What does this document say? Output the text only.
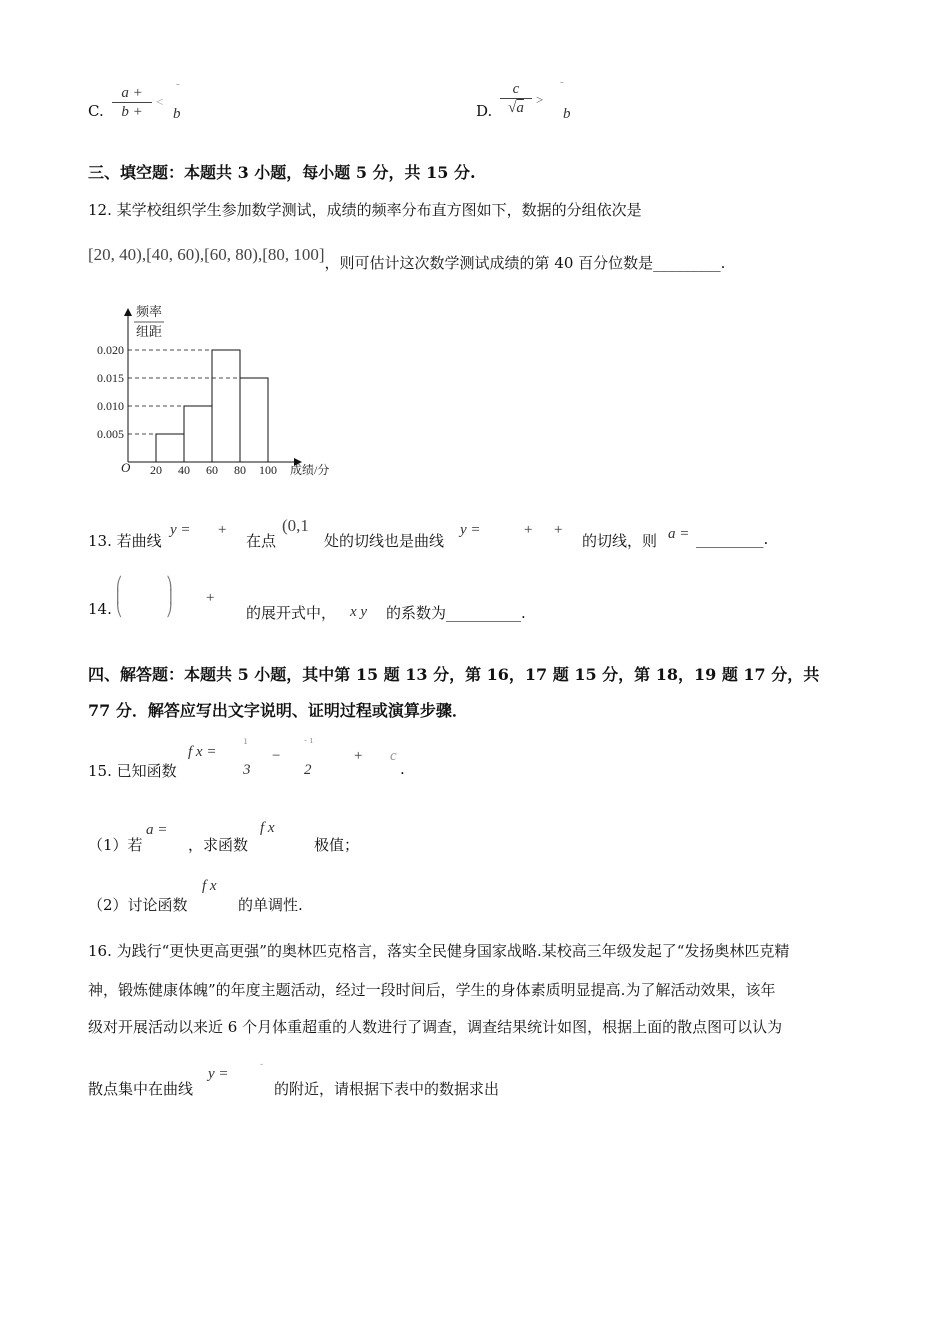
C. $\frac{a +}{b +}$ <
-
b	D. $\frac{c}{√a}$ >
-
b
三、填空题：本题共 3 小题，每小题 5 分，共 15 分.
12. 某学校组织学生参加数学测试，成绩的频率分布直方图如下，数据的分组依次是
[20, 40),[40, 60),[60, 80),[80, 100]，则可估计这次数学测试成绩的第 40 百分位数是_________.
频率
组距
O	成绩/分
0.005
0.010
0.015
0.020
20 40 60 80 100
13. 若曲线
y = +
在点
(0,1
处的切线也是曲线
y =	+ +
的切线，则 a = _________.
14.
⎛
⎜
⎝
⎞
⎟
⎠
+
的展开式中， x y 的系数为__________.
四、解答题：本题共 5 小题，其中第 15 题 13 分，第 16，17 题 15 分，第 18，19 题 17 分，共
77 分．解答应写出文字说明、证明过程或演算步骤．
15. 已知函数
f x =
ı
3
−
- ı
2
+ c
.
（1）若
a =
，求函数
f x
极值；
（2）讨论函数
f x
的单调性.
16. 为践行“更快更高更强”的奥林匹克格言，落实全民健身国家战略.某校高三年级发起了“发扬奥林匹克精
神，锻炼健康体魄”的年度主题活动，经过一段时间后，学生的身体素质明显提高.为了解活动效果，该年
级对开展活动以来近 6 个月体重超重的人数进行了调查，调查结果统计如图，根据上面的散点图可以认为
散点集中在曲线
y =
-
的附近，请根据下表中的数据求出
